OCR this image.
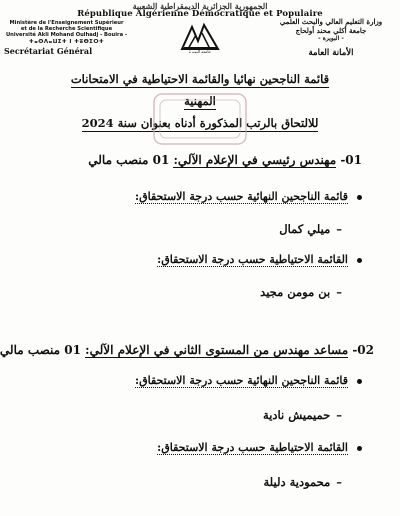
الجمهورية الجزائرية الديمقراطية الشعبية
République Algérienne Démocratique et Populaire
Ministère de l'Enseignement Supérieur
et de la Recherche Scientifique
Université Akli Mohand Oulhadj - Bouira -
ⵜⴰⵙⴷⴰⵡⵉⵜ ⵏ ⵜⵓⴱⵉⵔⵜ
Secrétariat Général
وزارة التعليم العالي والبحث العلمي
جامعة أكلي محند أولحاج
- البويرة -
الأمانة العامة
جامعة البويرة
قائمة الناجحين نهائيا والقائمة الاحتياطية في الامتحانات المهنية
للالتحاق بالرتب المذكورة أدناه بعنوان سنة 2024
01- مهندس رئيسي في الإعلام الآلي: 01 منصب مالي
قائمة الناجحين النهائية حسب درجة الاستحقاق:
–ميلي كمال
القائمة الاحتياطية حسب درجة الاستحقاق:
–بن مومن مجيد
02- مساعد مهندس من المستوى الثاني في الإعلام الآلي: 01 منصب مالي
قائمة الناجحين النهائية حسب درجة الاستحقاق:
–حميميش نادية
القائمة الاحتياطية حسب درجة الاستحقاق:
–محمودية دليلة
